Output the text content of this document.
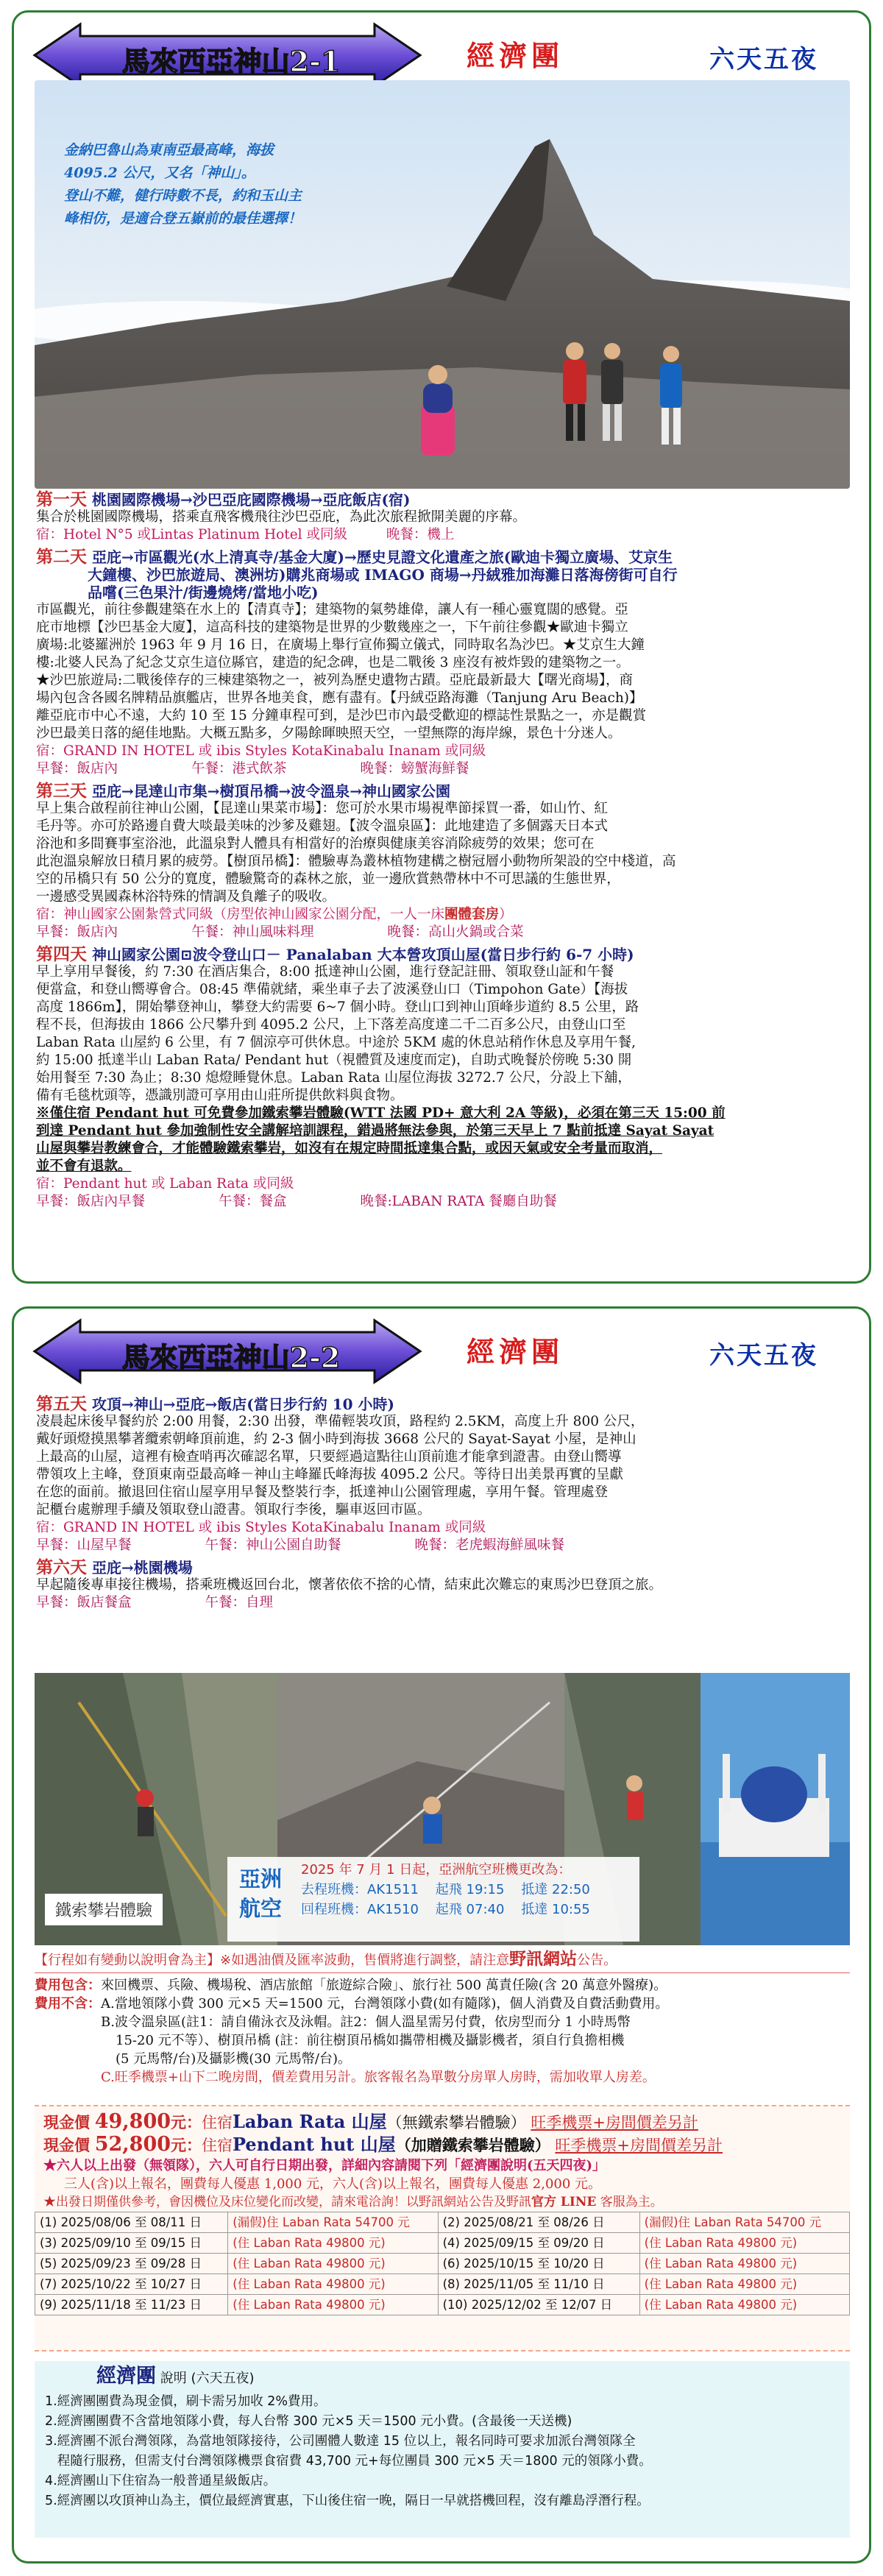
馬來西亞神山2-1	經濟團	六天五夜
金納巴魯山為東南亞最高峰，海拔
4095.2 公尺，又名「神山」。
登山不難，健行時數不長，約和玉山主
峰相仿，是適合登五嶽前的最佳選擇！

第一天 桃園國際機場→沙巴亞庇國際機場→亞庇飯店(宿)

集合於桃園國際機場，搭乘直飛客機飛往沙巴亞庇，為此次旅程掀開美麗的序幕。

宿：Hotel N°5 或Lintas Platinum Hotel 或同級	晚餐：機上

第二天 亞庇→市區觀光(水上清真寺/基金大廈)→歷史見證文化遺產之旅(歐迪卡獨立廣場、艾京生

大鐘樓、沙巴旅遊局、澳洲坊)購兆商場或 IMAGO 商場→丹絨雅加海灘日落海傍街可自行

品嚐(三色果汁/街邊燒烤/當地小吃)

市區觀光，前往參觀建築在水上的【清真寺】；建築物的氣勢雄偉，讓人有一種心靈寬闊的感覺。亞

庇市地標【沙巴基金大廈】，這高科技的建築物是世界的少數幾座之一，下午前往參觀★歐迪卡獨立

廣場:北婆羅洲於 1963 年 9 月 16 日，在廣場上舉行宣佈獨立儀式，同時取名為沙巴。★艾京生大鐘

樓:北婆人民為了紀念艾京生這位縣官，建造的紀念碑，也是二戰後 3 座沒有被炸毀的建築物之一。

★沙巴旅遊局:二戰後倖存的三棟建築物之一，被列為歷史遺物古蹟。亞庇最新最大【曙光商場】，商

場內包含各國名牌精品旗艦店，世界各地美食，應有盡有。【丹絨亞路海灘（Tanjung Aru Beach)】

離亞庇市中心不遠，大約 10 至 15 分鐘車程可到，是沙巴市內最受歡迎的標誌性景點之一，亦是觀賞

沙巴最美日落的絕佳地點。大概五點多，夕陽餘暉映照天空，一望無際的海岸線，景色十分迷人。

宿：GRAND IN HOTEL 或 ibis Styles KotaKinabalu Inanam 或同級

早餐：飯店內                 午餐：港式飲茶                 晚餐：螃蟹海鮮餐

第三天 亞庇→昆達山市集→樹頂吊橋→波令溫泉→神山國家公園

早上集合啟程前往神山公園，【昆達山果菜市場】：您可於水果市場視準節採買一番，如山竹、紅

毛丹等。亦可於路邊自費大啖最美味的沙爹及雞翅。【波令溫泉區】：此地建造了多個露天日本式

浴池和多間賽事室浴池，此溫泉對人體具有相當好的治療與健康美容消除疲勞的效果；您可在

此泡溫泉解放日積月累的疲勞。【樹頂吊橋】：體驗專為叢林植物建構之樹冠層小動物所架設的空中棧道，高

空的吊橋只有 50 公分的寬度，體驗驚奇的森林之旅，並一邊欣賞熱帶林中不可思議的生態世界，

一邊感受異國森林浴特殊的情調及負離子的吸收。

宿：神山國家公園紮營式同級（房型依神山國家公園分配，一人一床團體套房）

早餐：飯店內                 午餐：神山風味料理                 晚餐：高山火鍋或合菜

第四天 神山國家公園⊡波令登山口－ Panalaban 大本營攻頂山屋(當日步行約 6-7 小時)

早上享用早餐後，約 7:30 在酒店集合，8:00 抵達神山公園，進行登記註冊、領取登山証和午餐

便當盒，和登山嚮導會合。08:45 準備就緒，乘坐車子去了波溪登山口（Timpohon Gate）【海拔

高度 1866m】，開始攀登神山，攀登大約需要 6~7 個小時。登山口到神山頂峰步道約 8.5 公里，路

程不長，但海拔由 1866 公尺攀升到 4095.2 公尺，上下落差高度達二千二百多公尺，由登山口至

Laban Rata 山屋約 6 公里，有 7 個涼亭可供休息。中途於 5KM 處的休息站稍作休息及享用午餐,

約 15:00 抵達半山 Laban Rata/ Pendant hut（視體質及速度而定)，自助式晚餐於傍晚 5:30 開

始用餐至 7:30 為止；8:30 熄燈睡覺休息。Laban Rata 山屋位海拔 3272.7 公尺，分設上下舖，

備有毛毯枕頭等，憑識別證可享用由山莊所提供飲料與食物。

※僅住宿 Pendant hut 可免費參加鐵索攀岩體驗(WTT 法國 PD+ 意大利 2A 等級)，必須在第三天 15:00 前

到達 Pendant hut 參加強制性安全講解培訓課程，錯過將無法參與，於第三天早上 7 點前抵達 Sayat Sayat

山屋與攀岩教練會合，才能體驗鐵索攀岩，如沒有在規定時間抵達集合點，或因天氣或安全考量而取消，

並不會有退款。

宿：Pendant hut 或 Laban Rata 或同級

早餐：飯店內早餐                 午餐：餐盒                 晚餐:LABAN RATA 餐廳自助餐

馬來西亞神山2-2	經濟團	六天五夜

第五天 攻頂→神山→亞庇→飯店(當日步行約 10 小時)

凌晨起床後早餐約於 2:00 用餐，2:30 出發，準備輕裝攻頂，路程約 2.5KM，高度上升 800 公尺，

戴好頭燈摸黑攀著纜索朝峰頂前進，約 2-3 個小時到海拔 3668 公尺的 Sayat-Sayat 小屋，是神山

上最高的山屋，這裡有檢查哨再次確認名單，只要經過這點往山頂前進才能拿到證書。由登山嚮導

帶領攻上主峰，登頂東南亞最高峰－神山主峰羅氏峰海拔 4095.2 公尺。等待日出美景再實的呈獻

在您的面前。撤退回住宿山屋享用早餐及整裝行李，抵達神山公園管理處，享用午餐。管理處登

記櫃台處辦理手續及領取登山證書。領取行李後，驅車返回市區。

宿：GRAND IN HOTEL 或 ibis Styles KotaKinabalu Inanam 或同級

早餐：山屋早餐                 午餐：神山公園自助餐                 晚餐：老虎蝦海鮮風味餐

第六天 亞庇→桃園機場

早起隨後專車接往機場，搭乘班機返回台北，懷著依依不捨的心情，結束此次難忘的東馬沙巴登頂之旅。

早餐：飯店餐盒                 午餐：自理

鐵索攀岩體驗
亞洲航空
2025 年 7 月 1 日起，亞洲航空班機更改為：
去程班機：AK1511    起飛 19:15    抵達 22:50
回程班機：AK1510    起飛 07:40    抵達 10:55

【行程如有變動以說明會為主】※如遇油價及匯率波動，售價將進行調整，請注意野訊網站公告。

費用包含：來回機票、兵險、機場稅、酒店旅館「旅遊綜合險」、旅行社 500 萬責任險(含 20 萬意外醫療)。

費用不含：A.當地領隊小費 300 元×5 天=1500 元，台灣領隊小費(如有隨隊)，個人消費及自費活動費用。

B.波令溫泉區(註1：請自備泳衣及泳帽。註2：個人溫星需另付費，依房型而分 1 小時馬幣

15-20 元不等）、樹頂吊橋 (註：前往樹頂吊橋如攜帶相機及攝影機者，須自行負擔相機

(5 元馬幣/台)及攝影機(30 元馬幣/台)。

C.旺季機票+山下二晚房間，價差費用另計。旅客報名為單數分房單人房時，需加收單人房差。

現金價 49,800元：住宿Laban Rata 山屋（無鐵索攀岩體驗） 旺季機票+房間價差另計

現金價 52,800元：住宿Pendant hut 山屋（加贈鐵索攀岩體驗） 旺季機票+房間價差另計

★六人以上出發（無領隊），六人可自行日期出發，詳細內容請閱下列「經濟團說明(五天四夜)」

三人(含)以上報名，團費每人優惠 1,000 元，六人(含)以上報名，團費每人優惠 2,000 元。

★出發日期僅供參考，會因機位及床位變化而改變，請來電洽詢！以野訊網站公告及野訊官方 LINE 客服為主。

(1) 2025/08/06 至 08/11 日	(漏假)住 Laban Rata 54700 元	(2) 2025/08/21 至 08/26 日	(漏假)住 Laban Rata 54700 元
(3) 2025/09/10 至 09/15 日	(住 Laban Rata 49800 元)	(4) 2025/09/15 至 09/20 日	(住 Laban Rata 49800 元)
(5) 2025/09/23 至 09/28 日	(住 Laban Rata 49800 元)	(6) 2025/10/15 至 10/20 日	(住 Laban Rata 49800 元)
(7) 2025/10/22 至 10/27 日	(住 Laban Rata 49800 元)	(8) 2025/11/05 至 11/10 日	(住 Laban Rata 49800 元)
(9) 2025/11/18 至 11/23 日	(住 Laban Rata 49800 元)	(10) 2025/12/02 至 12/07 日	(住 Laban Rata 49800 元)

經濟團 說明 (六天五夜)

1.經濟團團費為現金價，刷卡需另加收 2%費用。

2.經濟團團費不含當地領隊小費，每人台幣 300 元×5 天＝1500 元小費。(含最後一天送機)

3.經濟團不派台灣領隊，為當地領隊接待，公司團體人數達 15 位以上，報名同時可要求加派台灣領隊全

程隨行服務，但需支付台灣領隊機票食宿費 43,700 元+每位團員 300 元×5 天＝1800 元的領隊小費。

4.經濟團山下住宿為一般普通星級飯店。

5.經濟團以攻頂神山為主，價位最經濟實惠，下山後住宿一晚，隔日一早就搭機回程，沒有離島浮潛行程。
